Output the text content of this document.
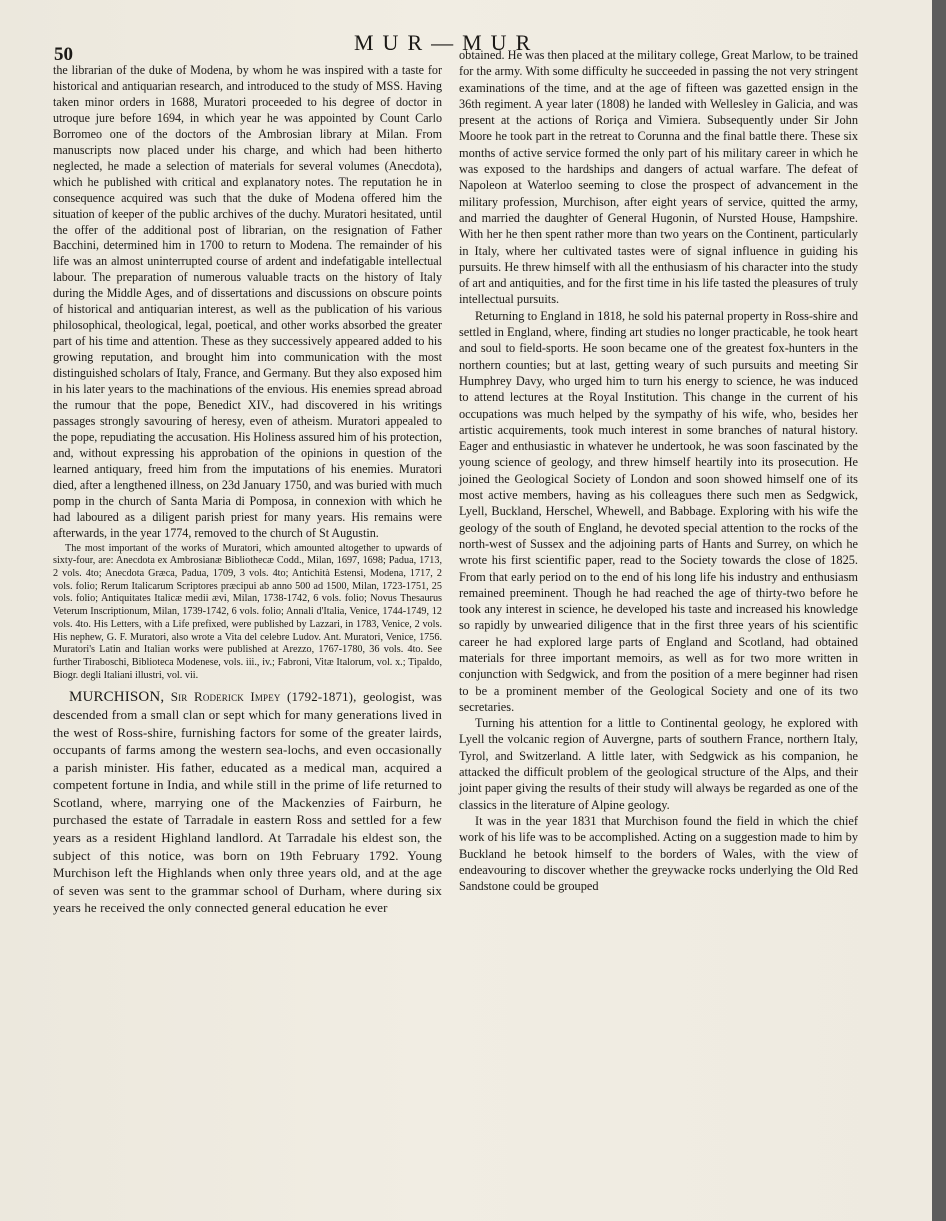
50	MUR—MUR

the librarian of the duke of Modena, by whom he was inspired with a taste for historical and antiquarian research, and introduced to the study of MSS. Having taken minor orders in 1688, Muratori proceeded to his degree of doctor in utroque jure before 1694, in which year he was appointed by Count Carlo Borromeo one of the doctors of the Ambrosian library at Milan. From manuscripts now placed under his charge, and which had been hitherto neglected, he made a selection of materials for several volumes (Anecdota), which he published with critical and explanatory notes. The reputation he in consequence acquired was such that the duke of Modena offered him the situation of keeper of the public archives of the duchy. Muratori hesitated, until the offer of the additional post of librarian, on the resignation of Father Bacchini, determined him in 1700 to return to Modena. The remainder of his life was an almost uninterrupted course of ardent and indefatigable intellectual labour. The preparation of numerous valuable tracts on the history of Italy during the Middle Ages, and of dissertations and discussions on obscure points of historical and antiquarian interest, as well as the publication of his various philosophical, theological, legal, poetical, and other works absorbed the greater part of his time and attention. These as they successively appeared added to his growing reputation, and brought him into communication with the most distinguished scholars of Italy, France, and Germany. But they also exposed him in his later years to the machinations of the envious. His enemies spread abroad the rumour that the pope, Benedict XIV., had discovered in his writings passages strongly savouring of heresy, even of atheism. Muratori appealed to the pope, repudiating the accusation. His Holiness assured him of his protection, and, without expressing his approbation of the opinions in question of the learned antiquary, freed him from the imputations of his enemies. Muratori died, after a lengthened illness, on 23d January 1750, and was buried with much pomp in the church of Santa Maria di Pomposa, in connexion with which he had laboured as a diligent parish priest for many years. His remains were afterwards, in the year 1774, removed to the church of St Augustin.

The most important of the works of Muratori, which amounted altogether to upwards of sixty-four, are: Anecdota ex Ambrosianæ Bibliothecæ Codd., Milan, 1697, 1698; Padua, 1713, 2 vols. 4to; Anecdota Græca, Padua, 1709, 3 vols. 4to; Antichità Estensi, Modena, 1717, 2 vols. folio; Rerum Italicarum Scriptores præcipui ab anno 500 ad 1500, Milan, 1723-1751, 25 vols. folio; Antiquitates Italicæ medii ævi, Milan, 1738-1742, 6 vols. folio; Novus Thesaurus Veterum Inscriptionum, Milan, 1739-1742, 6 vols. folio; Annali d'Italia, Venice, 1744-1749, 12 vols. 4to. His Letters, with a Life prefixed, were published by Lazzari, in 1783, Venice, 2 vols. His nephew, G. F. Muratori, also wrote a Vita del celebre Ludov. Ant. Muratori, Venice, 1756. Muratori's Latin and Italian works were published at Arezzo, 1767-1780, 36 vols. 4to. See further Tiraboschi, Biblioteca Modenese, vols. iii., iv.; Fabroni, Vitæ Italorum, vol. x.; Tipaldo, Biogr. degli Italiani illustri, vol. vii.

MURCHISON, Sir Roderick Impey (1792-1871), geologist, was descended from a small clan or sept which for many generations lived in the west of Ross-shire, furnishing factors for some of the greater lairds, occupants of farms among the western sea-lochs, and even occasionally a parish minister. His father, educated as a medical man, acquired a competent fortune in India, and while still in the prime of life returned to Scotland, where, marrying one of the Mackenzies of Fairburn, he purchased the estate of Tarradale in eastern Ross and settled for a few years as a resident Highland landlord. At Tarradale his eldest son, the subject of this notice, was born on 19th February 1792. Young Murchison left the Highlands when only three years old, and at the age of seven was sent to the grammar school of Durham, where during six years he received the only connected general education he ever

obtained. He was then placed at the military college, Great Marlow, to be trained for the army. With some difficulty he succeeded in passing the not very stringent examinations of the time, and at the age of fifteen was gazetted ensign in the 36th regiment. A year later (1808) he landed with Wellesley in Galicia, and was present at the actions of Roriça and Vimiera. Subsequently under Sir John Moore he took part in the retreat to Corunna and the final battle there. These six months of active service formed the only part of his military career in which he was exposed to the hardships and dangers of actual warfare. The defeat of Napoleon at Waterloo seeming to close the prospect of advancement in the military profession, Murchison, after eight years of service, quitted the army, and married the daughter of General Hugonin, of Nursted House, Hampshire. With her he then spent rather more than two years on the Continent, particularly in Italy, where her cultivated tastes were of signal influence in guiding his pursuits. He threw himself with all the enthusiasm of his character into the study of art and antiquities, and for the first time in his life tasted the pleasures of truly intellectual pursuits.

Returning to England in 1818, he sold his paternal property in Ross-shire and settled in England, where, finding art studies no longer practicable, he took heart and soul to field-sports. He soon became one of the greatest fox-hunters in the northern counties; but at last, getting weary of such pursuits and meeting Sir Humphrey Davy, who urged him to turn his energy to science, he was induced to attend lectures at the Royal Institution. This change in the current of his occupations was much helped by the sympathy of his wife, who, besides her artistic acquirements, took much interest in some branches of natural history. Eager and enthusiastic in whatever he undertook, he was soon fascinated by the young science of geology, and threw himself heartily into its prosecution. He joined the Geological Society of London and soon showed himself one of its most active members, having as his colleagues there such men as Sedgwick, Lyell, Buckland, Herschel, Whewell, and Babbage. Exploring with his wife the geology of the south of England, he devoted special attention to the rocks of the north-west of Sussex and the adjoining parts of Hants and Surrey, on which he wrote his first scientific paper, read to the Society towards the close of 1825. From that early period on to the end of his long life his industry and enthusiasm remained preeminent. Though he had reached the age of thirty-two before he took any interest in science, he developed his taste and increased his knowledge so rapidly by unwearied diligence that in the first three years of his scientific career he had explored large parts of England and Scotland, had obtained materials for three important memoirs, as well as for two more written in conjunction with Sedgwick, and from the position of a mere beginner had risen to be a prominent member of the Geological Society and one of its two secretaries.

Turning his attention for a little to Continental geology, he explored with Lyell the volcanic region of Auvergne, parts of southern France, northern Italy, Tyrol, and Switzerland. A little later, with Sedgwick as his companion, he attacked the difficult problem of the geological structure of the Alps, and their joint paper giving the results of their study will always be regarded as one of the classics in the literature of Alpine geology.

It was in the year 1831 that Murchison found the field in which the chief work of his life was to be accomplished. Acting on a suggestion made to him by Buckland he betook himself to the borders of Wales, with the view of endeavouring to discover whether the greywacke rocks underlying the Old Red Sandstone could be grouped
